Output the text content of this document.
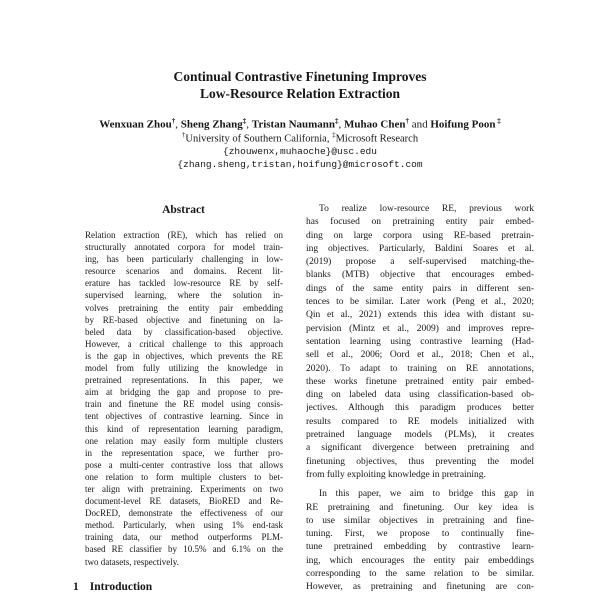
Continual Contrastive Finetuning Improves
Low-Resource Relation Extraction
Wenxuan Zhou†, Sheng Zhang‡, Tristan Naumann‡, Muhao Chen† and Hoifung Poon ‡
†University of Southern California, ‡Microsoft Research
{zhouwenx,muhaoche}@usc.edu
{zhang.sheng,tristan,hoifung}@microsoft.com
Abstract
Relation extraction (RE), which has relied on
structurally annotated corpora for model train-
ing, has been particularly challenging in low-
resource scenarios and domains. Recent lit-
erature has tackled low-resource RE by self-
supervised learning, where the solution in-
volves pretraining the entity pair embedding
by RE-based objective and finetuning on la-
beled data by classification-based objective.
However, a critical challenge to this approach
is the gap in objectives, which prevents the RE
model from fully utilizing the knowledge in
pretrained representations. In this paper, we
aim at bridging the gap and propose to pre-
train and finetune the RE model using consis-
tent objectives of contrastive learning. Since in
this kind of representation learning paradigm,
one relation may easily form multiple clusters
in the representation space, we further pro-
pose a multi-center contrastive loss that allows
one relation to form multiple clusters to bet-
ter align with pretraining. Experiments on two
document-level RE datasets, BioRED and Re-
DocRED, demonstrate the effectiveness of our
method. Particularly, when using 1% end-task
training data, our method outperforms PLM-
based RE classifier by 10.5% and 6.1% on the
two datasets, respectively.
1 Introduction
To realize low-resource RE, previous work
has focused on pretraining entity pair embed-
ding on large corpora using RE-based pretrain-
ing objectives. Particularly, Baldini Soares et al.
(2019) propose a self-supervised matching-the-
blanks (MTB) objective that encourages embed-
dings of the same entity pairs in different sen-
tences to be similar. Later work (Peng et al., 2020;
Qin et al., 2021) extends this idea with distant su-
pervision (Mintz et al., 2009) and improves repre-
sentation learning using contrastive learning (Had-
sell et al., 2006; Oord et al., 2018; Chen et al.,
2020). To adapt to training on RE annotations,
these works finetune pretrained entity pair embed-
ding on labeled data using classification-based ob-
jectives. Although this paradigm produces better
results compared to RE models initialized with
pretrained language models (PLMs), it creates
a significant divergence between pretraining and
finetuning objectives, thus preventing the model
from fully exploiting knowledge in pretraining.
In this paper, we aim to bridge this gap in
RE pretraining and finetuning. Our key idea is
to use similar objectives in pretraining and fine-
tuning. First, we propose to continually fine-
tune pretrained embedding by contrastive learn-
ing, which encourages the entity pair embeddings
corresponding to the same relation to be similar.
However, as pretraining and finetuning are con-
